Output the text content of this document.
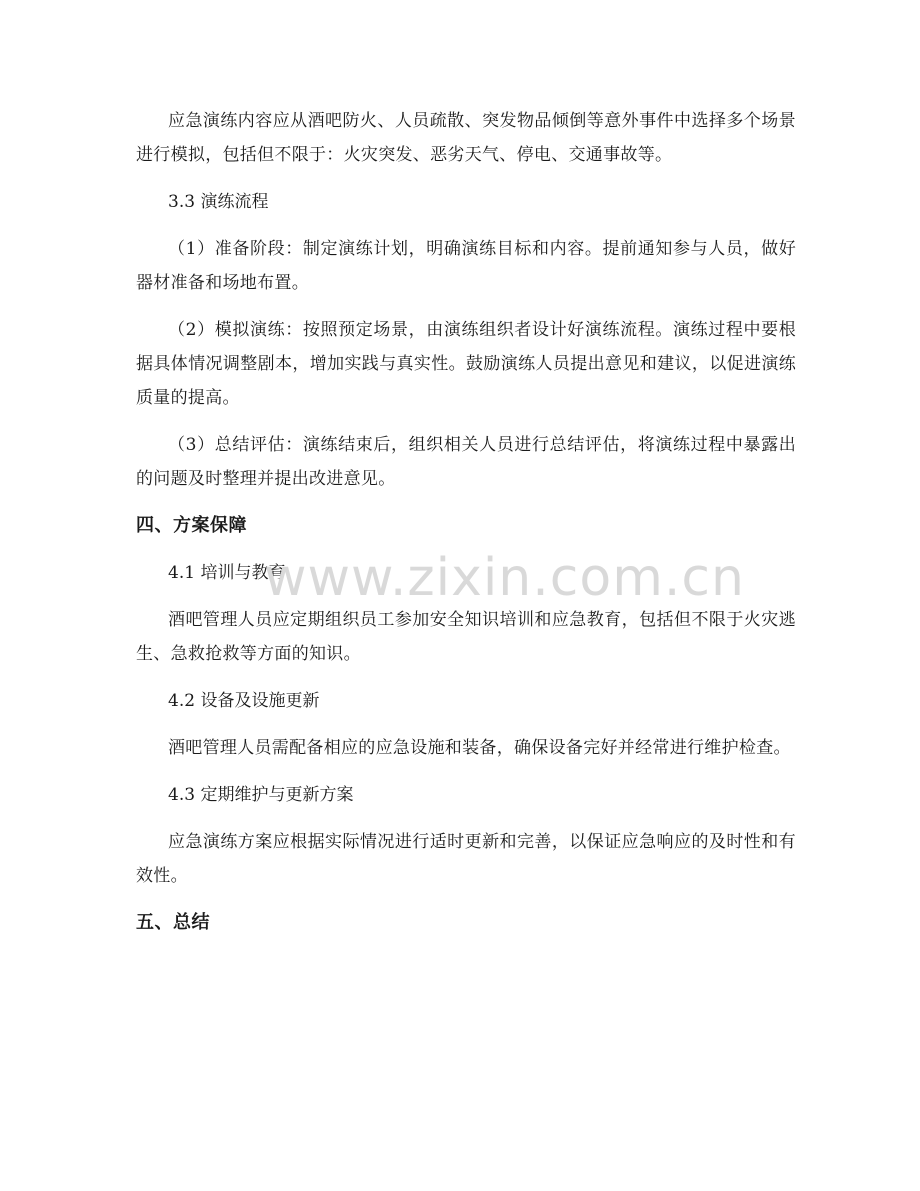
应急演练内容应从酒吧防火、人员疏散、突发物品倾倒等意外事件中选择多个场景进行模拟，包括但不限于：火灾突发、恶劣天气、停电、交通事故等。

3.3 演练流程

（1）准备阶段：制定演练计划，明确演练目标和内容。提前通知参与人员，做好器材准备和场地布置。

（2）模拟演练：按照预定场景，由演练组织者设计好演练流程。演练过程中要根据具体情况调整剧本，增加实践与真实性。鼓励演练人员提出意见和建议，以促进演练质量的提高。

（3）总结评估：演练结束后，组织相关人员进行总结评估，将演练过程中暴露出的问题及时整理并提出改进意见。

四、方案保障

4.1 培训与教育

酒吧管理人员应定期组织员工参加安全知识培训和应急教育，包括但不限于火灾逃生、急救抢救等方面的知识。

4.2 设备及设施更新

酒吧管理人员需配备相应的应急设施和装备，确保设备完好并经常进行维护检查。

4.3 定期维护与更新方案

应急演练方案应根据实际情况进行适时更新和完善，以保证应急响应的及时性和有效性。

五、总结
www.zixin.com.cn
